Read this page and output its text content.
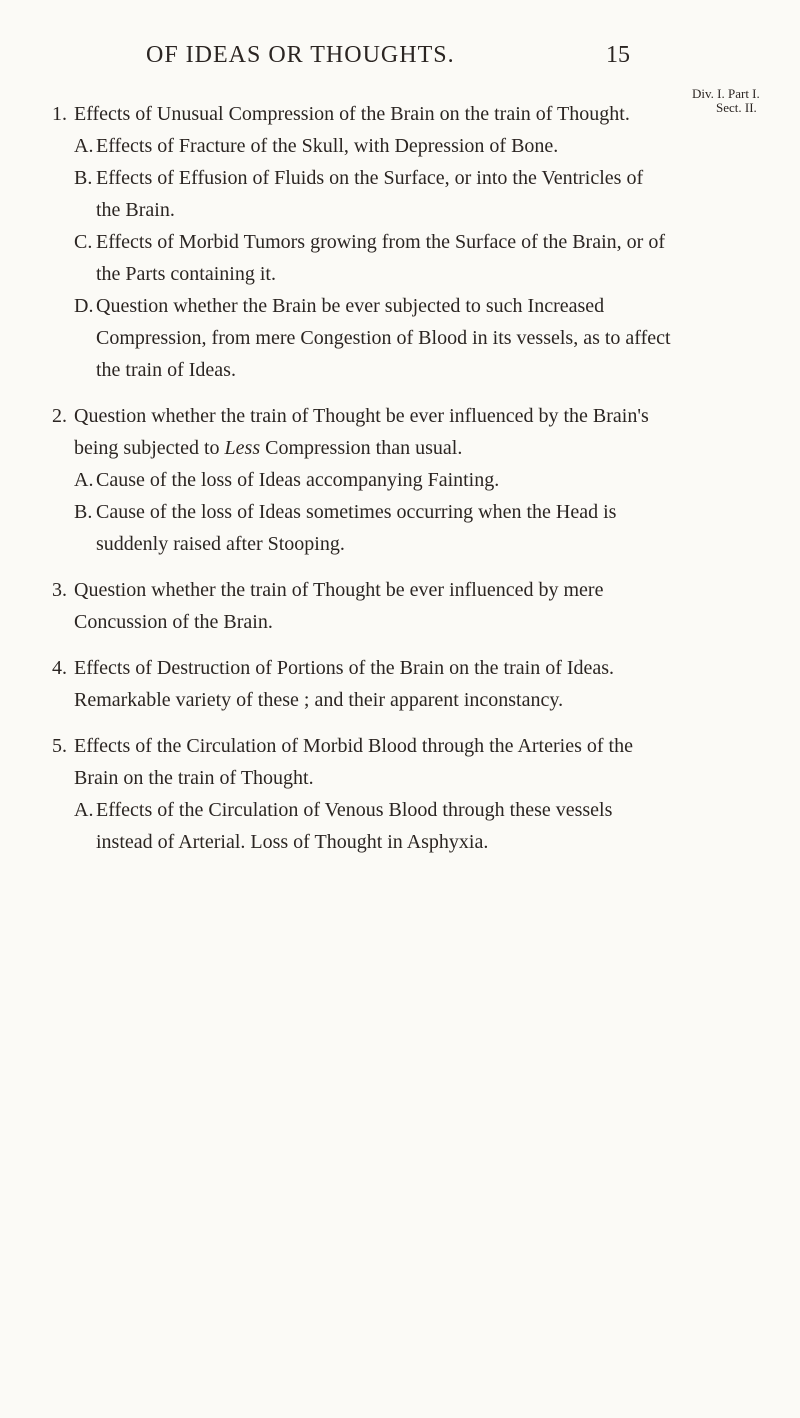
OF IDEAS OR THOUGHTS.	15
Div. I. Part I.
Sect. II.

1. Effects of Unusual Compression of the Brain on the train of Thought.

A. Effects of Fracture of the Skull, with Depression of Bone.

B. Effects of Effusion of Fluids on the Surface, or into the Ventricles of the Brain.

C. Effects of Morbid Tumors growing from the Surface of the Brain, or of the Parts containing it.

D. Question whether the Brain be ever subjected to such Increased Compression, from mere Congestion of Blood in its vessels, as to affect the train of Ideas.

2. Question whether the train of Thought be ever influenced by the Brain's being subjected to Less Compression than usual.

A. Cause of the loss of Ideas accompanying Fainting.

B. Cause of the loss of Ideas sometimes occurring when the Head is suddenly raised after Stooping.

3. Question whether the train of Thought be ever influenced by mere Concussion of the Brain.

4. Effects of Destruction of Portions of the Brain on the train of Ideas. Remarkable variety of these ; and their apparent inconstancy.

5. Effects of the Circulation of Morbid Blood through the Arteries of the Brain on the train of Thought.

A. Effects of the Circulation of Venous Blood through these vessels instead of Arterial. Loss of Thought in Asphyxia.
